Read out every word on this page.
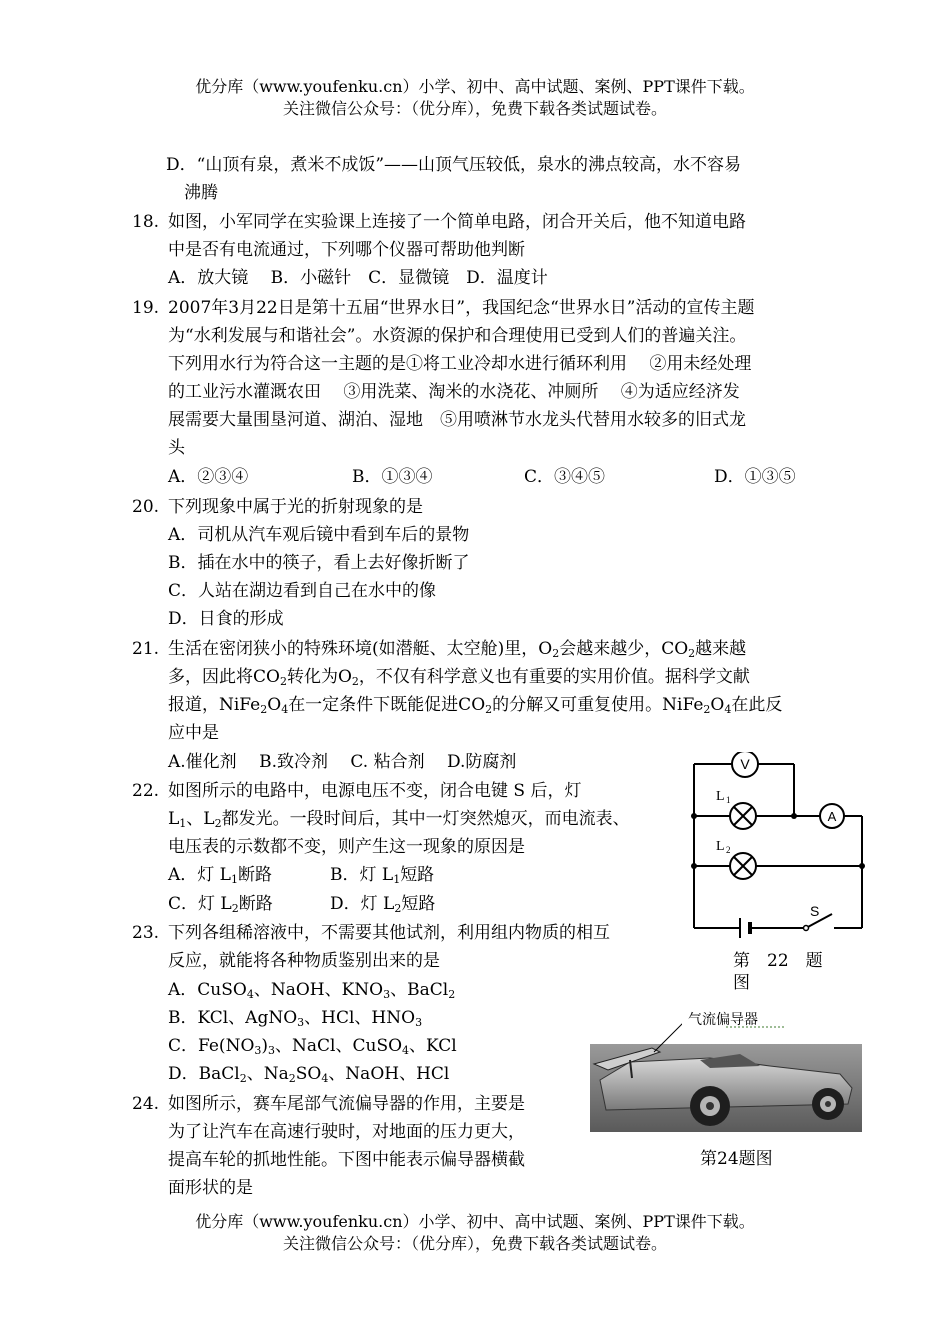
优分库（www.youfenku.cn）小学、初中、高中试题、案例、PPT课件下载。
关注微信公众号：（优分库），免费下载各类试题试卷。
D．“山顶有泉，煮米不成饭”——山顶气压较低，泉水的沸点较高，水不容易
沸腾
18. 如图，小军同学在实验课上连接了一个简单电路，闭合开关后，他不知道电路
中是否有电流通过，下列哪个仪器可帮助他判断
A．放大镜　 B．小磁针　C．显微镜　D．温度计
19. 2007年3月22日是第十五届“世界水日”，我国纪念“世界水日”活动的宣传主题
为“水利发展与和谐社会”。水资源的保护和合理使用已受到人们的普遍关注。
下列用水行为符合这一主题的是①将工业冷却水进行循环利用　 ②用未经处理
的工业污水灌溉农田　 ③用洗菜、淘米的水浇花、冲厕所　 ④为适应经济发
展需要大量围垦河道、湖泊、湿地　⑤用喷淋节水龙头代替用水较多的旧式龙
头
A．②③④	B．①③④	C．③④⑤	D．①③⑤
20. 下列现象中属于光的折射现象的是
A．司机从汽车观后镜中看到车后的景物
B．插在水中的筷子，看上去好像折断了
C．人站在湖边看到自己在水中的像
D．日食的形成
21. 生活在密闭狭小的特殊环境(如潜艇、太空舱)里，$O_2$会越来越少，$CO_2$越来越
多，因此将$CO_2$转化为$O_2$，不仅有科学意义也有重要的实用价值。据科学文献
报道，$NiFe_2O_4$在一定条件下既能促进$CO_2$的分解又可重复使用。$NiFe_2O_4$在此反
应中是
A.催化剂　 B.致冷剂　 C. 粘合剂　 D.防腐剂
22. 如图所示的电路中，电源电压不变，闭合电键 S 后，灯
$L_1$、$L_2$都发光。一段时间后，其中一灯突然熄灭，而电流表、
电压表的示数都不变，则产生这一现象的原因是
A．灯 $L_1$断路	B．灯 $L_1$短路
C．灯 $L_2$断路	D．灯 $L_2$短路
V
A
L 1
L 2
S
第　22　题
图
23. 下列各组稀溶液中，不需要其他试剂，利用组内物质的相互
反应，就能将各种物质鉴别出来的是
A．CuSO$_4$、NaOH、$KNO_3$、BaCl$_2$
B．KCl、AgNO$_3$、HCl、$HNO_3$
C．$Fe(NO_3)_3$、NaCl、CuSO$_4$、KCl
D．BaCl$_2$、$Na_2SO_4$、NaOH、HCl
24. 如图所示，赛车尾部气流偏导器的作用，主要是
为了让汽车在高速行驶时，对地面的压力更大，
提高车轮的抓地性能。下图中能表示偏导器横截
面形状的是
气流偏导器
第24题图
优分库（www.youfenku.cn）小学、初中、高中试题、案例、PPT课件下载。
关注微信公众号：（优分库），免费下载各类试题试卷。
